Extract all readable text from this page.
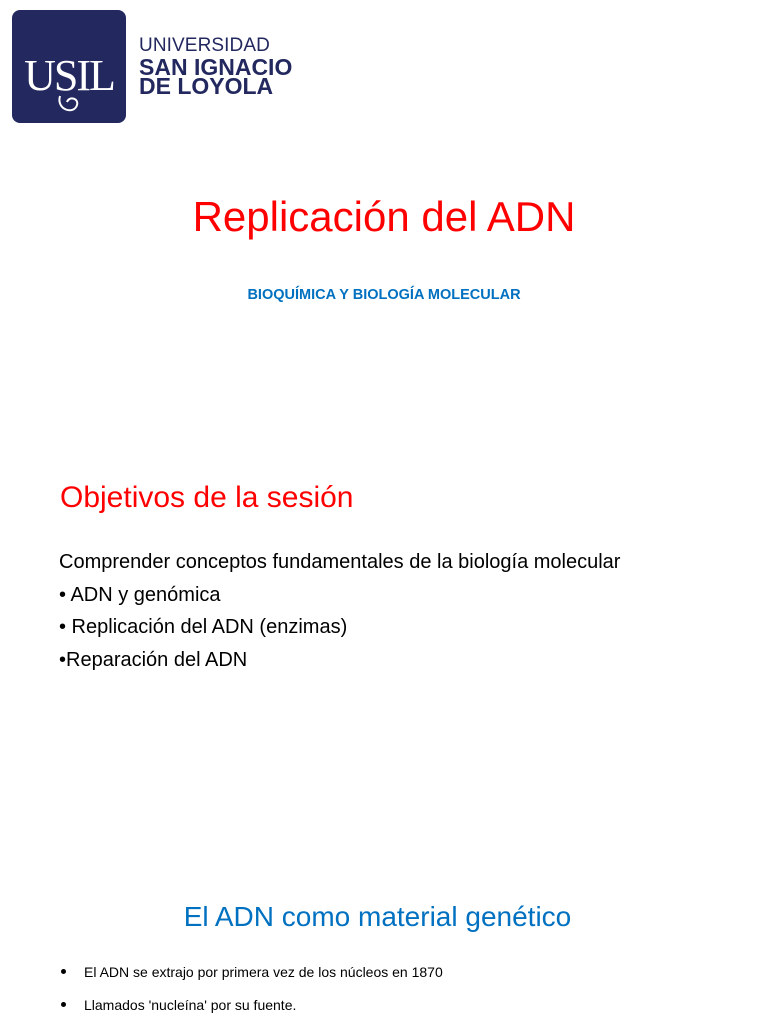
USIL
UNIVERSIDAD
SAN IGNACIO
DE LOYOLA
Replicación del ADN
BIOQUÍMICA Y BIOLOGÍA MOLECULAR
Objetivos de la sesión
Comprender conceptos fundamentales de la biología molecular
• ADN y genómica
• Replicación del ADN (enzimas)
•Reparación del ADN
El ADN como material genético
El ADN se extrajo por primera vez de los núcleos en 1870
Llamados 'nucleína' por su fuente.
